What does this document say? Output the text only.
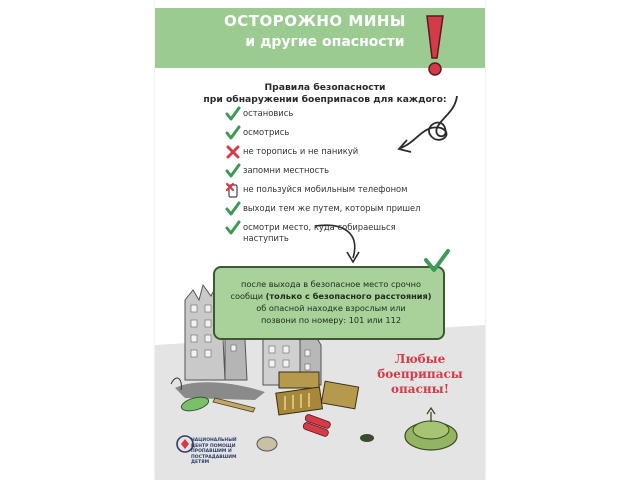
ОСТОРОЖНО МИНЫ
и другие опасности
Правила безопасности
при обнаружении боеприпасов для каждого:
остановись
осмотрись
не торопись и не паникуй
запомни местность
не пользуйся мобильным телефоном
выходи тем же путем, которым пришел
осмотри место, куда собираешься наступить
после выхода в безопасное место срочно
сообщи (только с безопасного расстояния)
об опасной находке взрослым или
позвони по номеру: 101 или 112
Любые
боеприпасы
опасны!
НАЦИОНАЛЬНЫЙ
ЦЕНТР ПОМОЩИ
ПРОПАВШИМ И ПОСТРАДАВШИМ ДЕТЯМ
